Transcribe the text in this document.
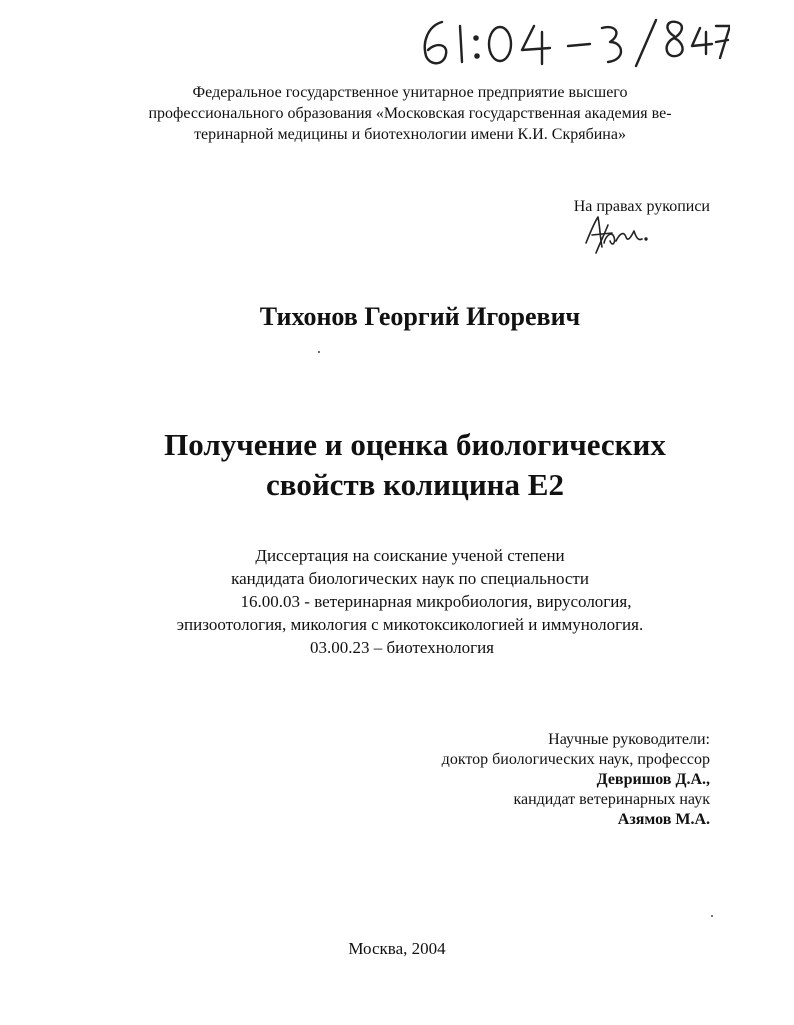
Федеральное государственное унитарное предприятие высшего
профессионального образования «Московская государственная академия ве-
теринарной медицины и биотехнологии имени К.И. Скрябина»
На правах рукописи
Тихонов Георгий Игоревич
Получение и оценка биологических
свойств колицина Е2
Диссертация на соискание ученой степени
кандидата биологических наук по специальности
16.00.03 - ветеринарная микробиология, вирусология,
эпизоотология, микология с микотоксикологией и иммунология.
03.00.23 – биотехнология
Научные руководители:
доктор биологических наук, профессор
Девришов Д.А.,
кандидат ветеринарных наук
Азямов М.А.
Москва, 2004
